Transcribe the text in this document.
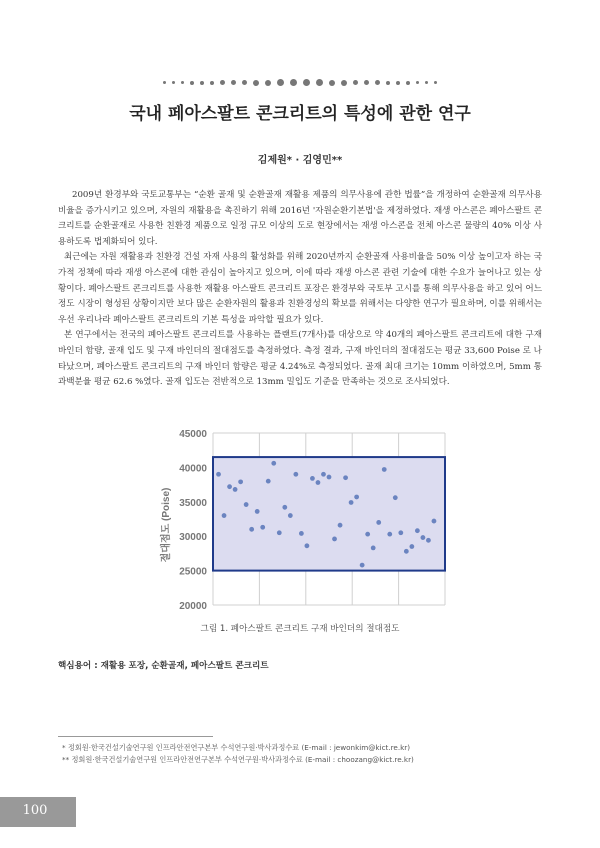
국내 페아스팔트 콘크리트의 특성에 관한 연구
김제원* · 김영민**

2009년 환경부와 국토교통부는 “순환 골재 및 순환골재 재활용 제품의 의무사용에 관한 법률”을 개정하여 순환골재 의무사용비율을 증가시키고 있으며, 자원의 재활용을 촉진하기 위해 2016년 '자원순환기본법'을 제정하였다. 재생 아스콘은 폐아스팔트 콘크리트를 순환골재로 사용한 친환경 제품으로 일정 규모 이상의 도로 현장에서는 재생 아스콘을 전체 아스콘 물량의 40% 이상 사용하도록 법제화되어 있다.

최근에는 자원 재활용과 친환경 건설 자재 사용의 활성화를 위해 2020년까지 순환골재 사용비율을 50% 이상 높이고자 하는 국가적 정책에 따라 재생 아스콘에 대한 관심이 높아지고 있으며, 이에 따라 재생 아스콘 관련 기술에 대한 수요가 늘어나고 있는 상황이다. 폐아스팔트 콘크리트를 사용한 재활용 아스팔트 콘크리트 포장은 환경부와 국토부 고시를 통해 의무사용을 하고 있어 어느 정도 시장이 형성된 상황이지만 보다 많은 순환자원의 활용과 친환경성의 확보를 위해서는 다양한 연구가 필요하며, 이를 위해서는 우선 우리나라 폐아스팔트 콘크리트의 기본 특성을 파악할 필요가 있다.

본 연구에서는 전국의 폐아스팔트 콘크리트를 사용하는 플랜트(7개사)를 대상으로 약 40개의 폐아스팔트 콘크리트에 대한 구재 바인더 함량, 골재 입도 및 구재 바인더의 절대점도를 측정하였다. 측정 결과, 구재 바인더의 절대점도는 평균 33,600 Poise 로 나타났으며, 폐아스팔트 콘크리트의 구재 바인더 함량은 평균 4.24%로 측정되었다. 골재 최대 크기는 10mm 이하였으며, 5mm 통과백분율 평균 62.6 %였다. 골재 입도는 전반적으로 13mm 밀입도 기준을 만족하는 것으로 조사되었다.

20000
25000
30000
35000
40000
45000
절대점도 (Poise)
그림 1. 폐아스팔트 콘크리트 구재 바인더의 절대점도
핵심용어 : 재활용 포장, 순환골재, 페아스팔트 콘크리트
* 정회원·한국건설기술연구원 인프라안전연구본부 수석연구원·박사과정수료 (E-mail : jewonkim@kict.re.kr)
** 정회원·한국건설기술연구원 인프라안전연구본부 수석연구원·박사과정수료 (E-mail : choozang@kict.re.kr)
100
